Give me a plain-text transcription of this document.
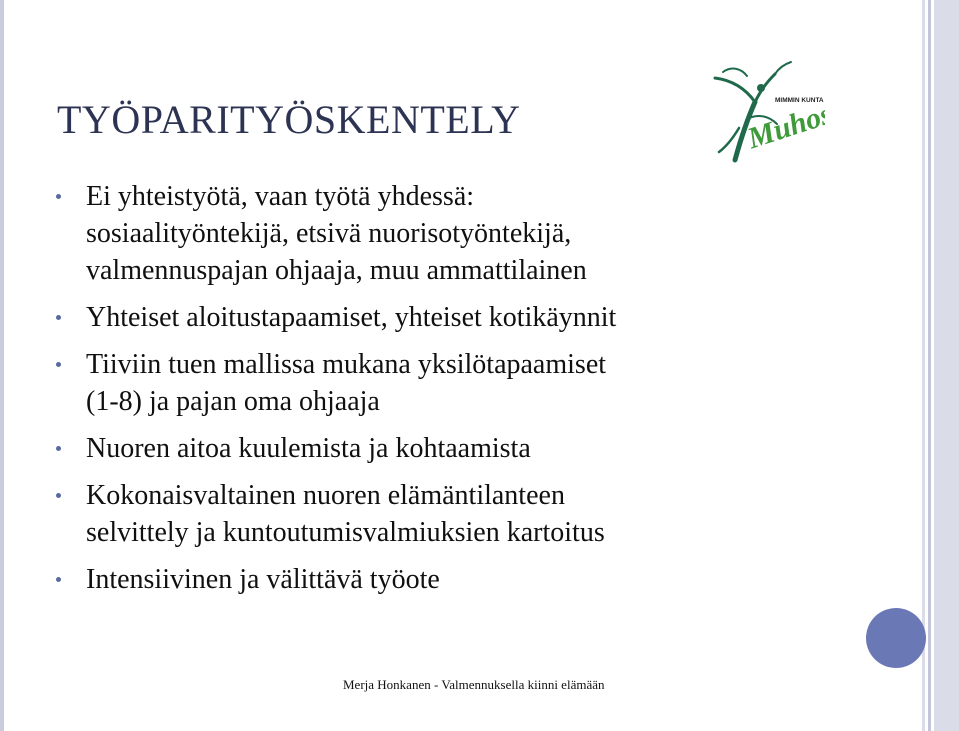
TYÖPARITYÖSKENTELY	MIMMIN KUNTA
Muhos
Ei yhteistyötä, vaan työtä yhdessä:
sosiaalityöntekijä, etsivä nuorisotyöntekijä,
valmennuspajan ohjaaja, muu ammattilainen
Yhteiset aloitustapaamiset, yhteiset kotikäynnit
Tiiviin tuen mallissa mukana yksilötapaamiset
(1-8) ja pajan oma ohjaaja
Nuoren aitoa kuulemista ja kohtaamista
Kokonaisvaltainen nuoren elämäntilanteen
selvittely ja kuntoutumisvalmiuksien kartoitus
Intensiivinen ja välittävä työote
Merja Honkanen - Valmennuksella kiinni elämään
